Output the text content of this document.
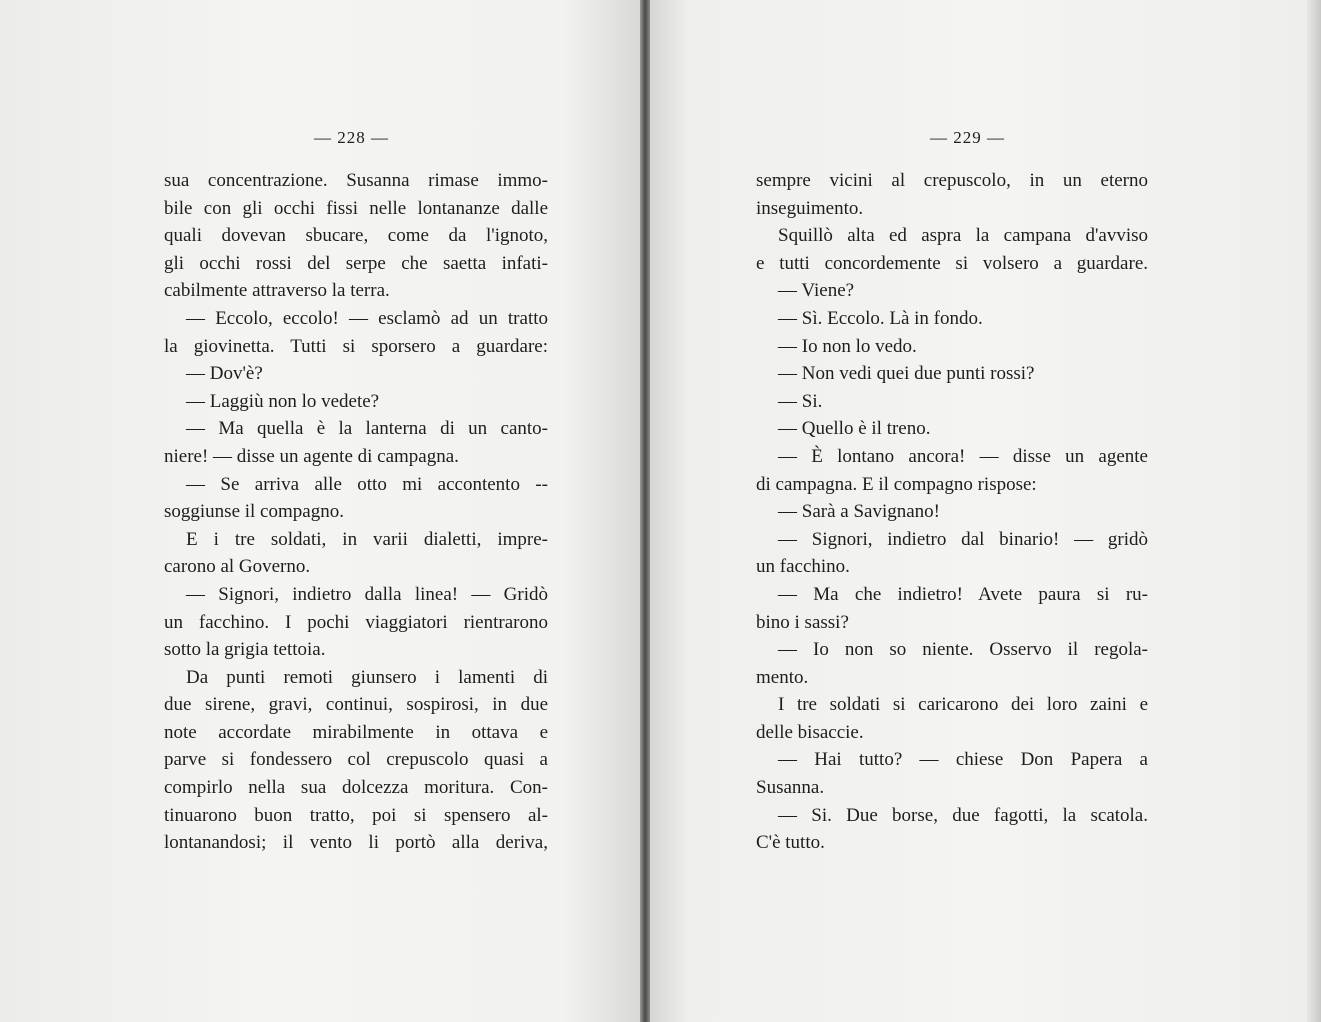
— 228 —
sua concentrazione. Susanna rimase immo-
bile con gli occhi fissi nelle lontananze dalle
quali dovevan sbucare, come da l'ignoto,
gli occhi rossi del serpe che saetta infati-
cabilmente attraverso la terra.
— Eccolo, eccolo! — esclamò ad un tratto
la giovinetta. Tutti si sporsero a guardare:
— Dov'è?
— Laggiù non lo vedete?
— Ma quella è la lanterna di un canto-
niere! — disse un agente di campagna.
— Se arriva alle otto mi accontento --
soggiunse il compagno.
E i tre soldati, in varii dialetti, impre-
carono al Governo.
— Signori, indietro dalla linea! — Gridò
un facchino. I pochi viaggiatori rientrarono
sotto la grigia tettoia.
Da punti remoti giunsero i lamenti di
due sirene, gravi, continui, sospirosi, in due
note accordate mirabilmente in ottava e
parve si fondessero col crepuscolo quasi a
compirlo nella sua dolcezza moritura. Con-
tinuarono buon tratto, poi si spensero al-
lontanandosi; il vento li portò alla deriva,
— 229 —
sempre vicini al crepuscolo, in un eterno
inseguimento.
Squillò alta ed aspra la campana d'avviso
e tutti concordemente si volsero a guardare.
— Viene?
— Sì. Eccolo. Là in fondo.
— Io non lo vedo.
— Non vedi quei due punti rossi?
— Si.
— Quello è il treno.
— È lontano ancora! — disse un agente
di campagna. E il compagno rispose:
— Sarà a Savignano!
— Signori, indietro dal binario! — gridò
un facchino.
— Ma che indietro! Avete paura si ru-
bino i sassi?
— Io non so niente. Osservo il regola-
mento.
I tre soldati si caricarono dei loro zaini e
delle bisaccie.
— Hai tutto? — chiese Don Papera a
Susanna.
— Si. Due borse, due fagotti, la scatola.
C'è tutto.
